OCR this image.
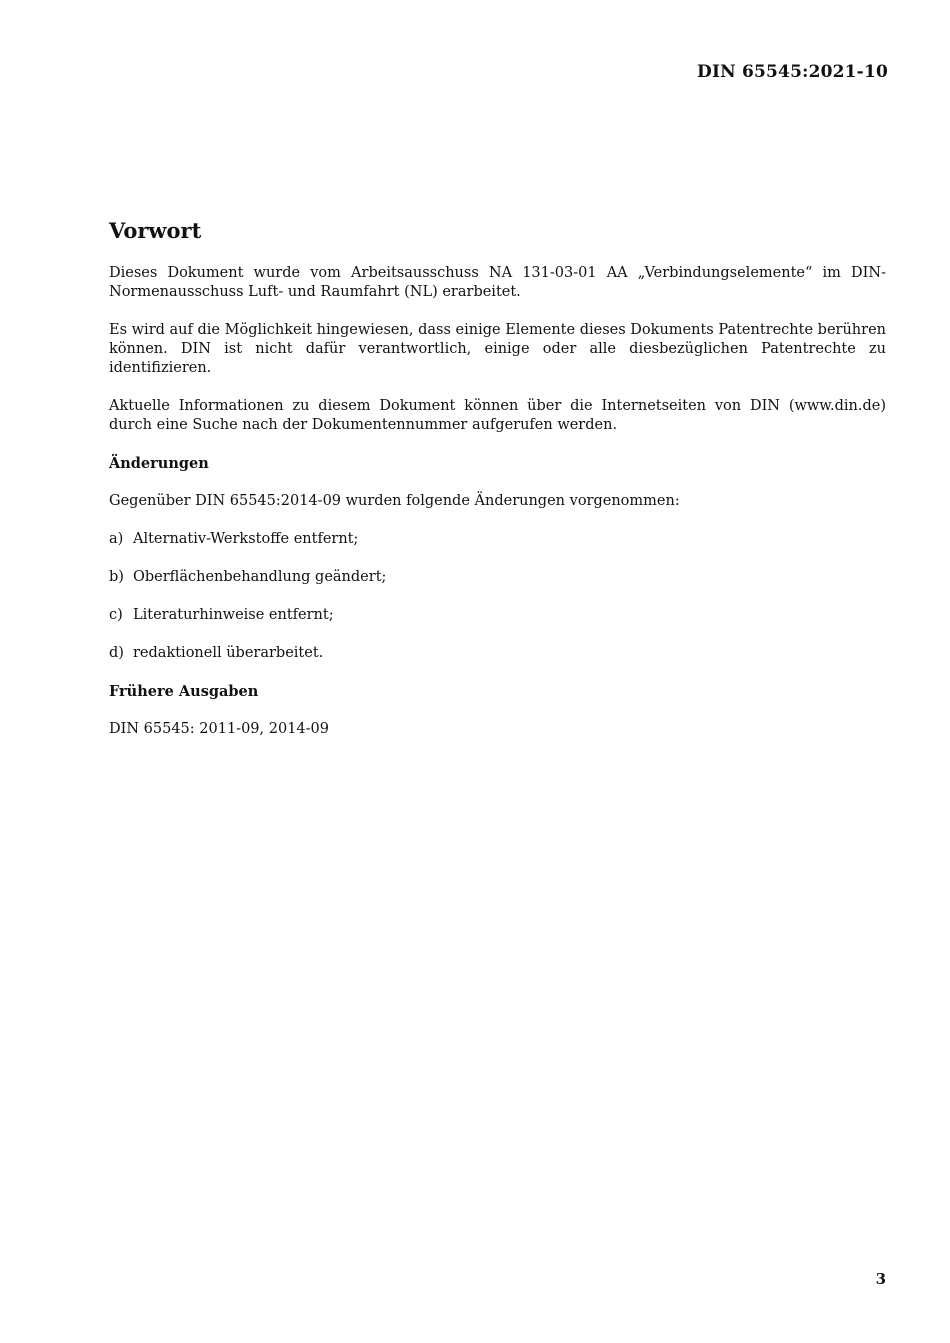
DIN 65545:2021-10
Vorwort

Dieses Dokument wurde vom Arbeitsausschuss NA 131-03-01 AA „Verbindungselemente“ im DIN-Normenausschuss Luft- und Raumfahrt (NL) erarbeitet.

Es wird auf die Möglichkeit hingewiesen, dass einige Elemente dieses Dokuments Patentrechte berühren können. DIN ist nicht dafür verantwortlich, einige oder alle diesbezüglichen Patentrechte zu identifizieren.

Aktuelle Informationen zu diesem Dokument können über die Internetseiten von DIN (www.din.de) durch eine Suche nach der Dokumentennummer aufgerufen werden.

Änderungen

Gegenüber DIN 65545:2014-09 wurden folgende Änderungen vorgenommen:

a) Alternativ-Werkstoffe entfernt;
b) Oberflächenbehandlung geändert;
c) Literaturhinweise entfernt;
d) redaktionell überarbeitet.
Frühere Ausgaben

DIN 65545: 2011-09, 2014-09

3
